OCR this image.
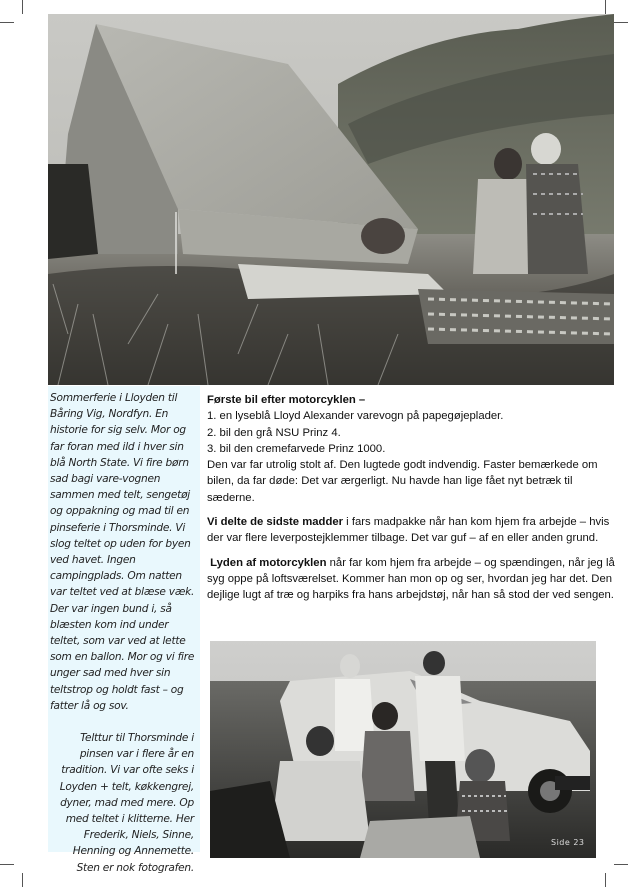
Sommerferie i Lloyden til Båring Vig, Nordfyn. En historie for sig selv. Mor og far foran med ild i hver sin blå North State. Vi fire børn sad bagi vare-vognen sammen med telt, sengetøj og oppakning og mad til en pinseferie i Thorsminde. Vi slog teltet op uden for byen ved havet. Ingen campingplads. Om natten var teltet ved at blæse væk. Der var ingen bund i, så blæsten kom ind under teltet, som var ved at lette som en ballon. Mor og vi fire unger sad med hver sin teltstrop og holdt fast – og fatter lå og sov.
Telttur til Thorsminde i pinsen var i flere år en tradition. Vi var ofte seks i Loyden + telt, køkkengrej, dyner, mad med mere. Op med teltet i klitterne. Her Frederik, Niels, Sinne, Henning og Annemette. Sten er nok fotografen.

Første bil efter motorcyklen –
1. en lyseblå Lloyd Alexander varevogn på papegøjeplader.
2. bil den grå NSU Prinz 4.
3. bil den cremefarvede Prinz 1000.
Den var far utrolig stolt af. Den lugtede godt indvendig. Faster bemærkede om bilen, da far døde: Det var ærgerligt. Nu havde han lige fået nyt betræk til sæderne.

Vi delte de sidste madder i fars madpakke når han kom hjem fra arbejde – hvis der var flere leverpostejklemmer tilbage. Det var guf – af en eller anden grund.

Lyden af motorcyklen når far kom hjem fra arbejde – og spændingen, når jeg lå syg oppe på loftsværelset. Kommer han mon op og ser, hvordan jeg har det. Den dejlige lugt af træ og harpiks fra hans arbejdstøj, når han så stod der ved sengen.

Side 23
